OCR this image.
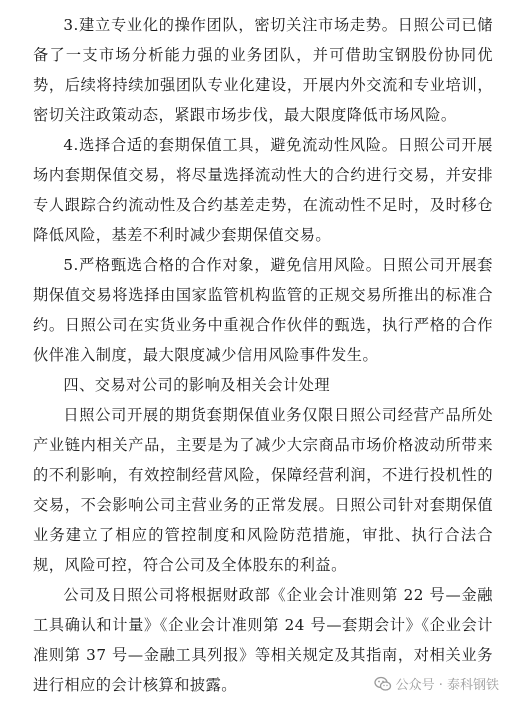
3.建立专业化的操作团队，密切关注市场走势。日照公司已储备了一支市场分析能力强的业务团队，并可借助宝钢股份协同优势，后续将持续加强团队专业化建设，开展内外交流和专业培训，密切关注政策动态，紧跟市场步伐，最大限度降低市场风险。

4.选择合适的套期保值工具，避免流动性风险。日照公司开展场内套期保值交易，将尽量选择流动性大的合约进行交易，并安排专人跟踪合约流动性及合约基差走势，在流动性不足时，及时移仓降低风险，基差不利时减少套期保值交易。

5.严格甄选合格的合作对象，避免信用风险。日照公司开展套期保值交易将选择由国家监管机构监管的正规交易所推出的标准合约。日照公司在实货业务中重视合作伙伴的甄选，执行严格的合作伙伴准入制度，最大限度减少信用风险事件发生。

四、交易对公司的影响及相关会计处理

日照公司开展的期货套期保值业务仅限日照公司经营产品所处产业链内相关产品，主要是为了减少大宗商品市场价格波动所带来的不利影响，有效控制经营风险，保障经营利润，不进行投机性的交易，不会影响公司主营业务的正常发展。日照公司针对套期保值业务建立了相应的管控制度和风险防范措施，审批、执行合法合规，风险可控，符合公司及全体股东的利益。

公司及日照公司将根据财政部《企业会计准则第 22 号—金融工具确认和计量》《企业会计准则第 24 号—套期会计》《企业会计准则第 37 号—金融工具列报》等相关规定及其指南，对相关业务进行相应的会计核算和披露。	公众号 · 泰科钢铁
